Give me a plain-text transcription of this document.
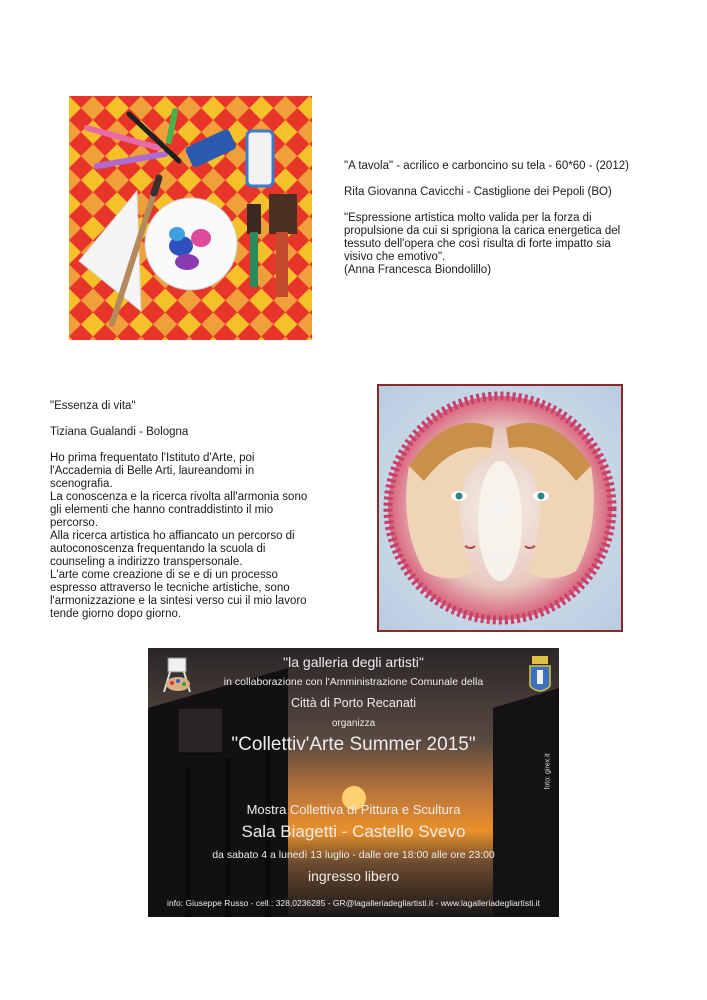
"A tavola" - acrilico e carboncino su tela - 60*60 - (2012)

Rita Giovanna Cavicchi - Castiglione dei Pepoli (BO)

"Espressione artistica molto valida per la forza di

propulsione da cui si sprigiona la carica energetica del

tessuto dell'opera che così risulta di forte impatto sia

visivo che emotivo".

(Anna Francesca Biondolillo)

"Essenza di vita"

Tiziana Gualandi - Bologna

Ho prima frequentato l'Istituto d'Arte, poi

l'Accademia di Belle Arti, laureandomi in

scenografia.

La conoscenza e la ricerca rivolta all'armonia sono

gli elementi che hanno contraddistinto il mio

percorso.

Alla ricerca artistica ho affiancato un percorso di

autoconoscenza frequentando la scuola di

counseling a indirizzo transpersonale.

L'arte come creazione di se e di un processo

espresso attraverso le tecniche artistiche, sono

l'armonizzazione e la sintesi verso cui il mio lavoro

tende giorno dopo giorno.

"la galleria degli artisti"
in collaborazione con l'Amministrazione Comunale della
Città di Porto Recanati
organizza
"Collettiv'Arte Summer 2015"
Mostra Collettiva di Pittura e Scultura
Sala Biagetti - Castello Svevo
da sabato 4 a lunedì 13 luglio - dalle ore 18:00 alle ore 23:00
ingresso libero
info: Giuseppe Russo - cell.: 328,0236285 - GR@lagalleriadegliartisti.it - www.lagalleriadegliartisti.it
foto: girex.it
